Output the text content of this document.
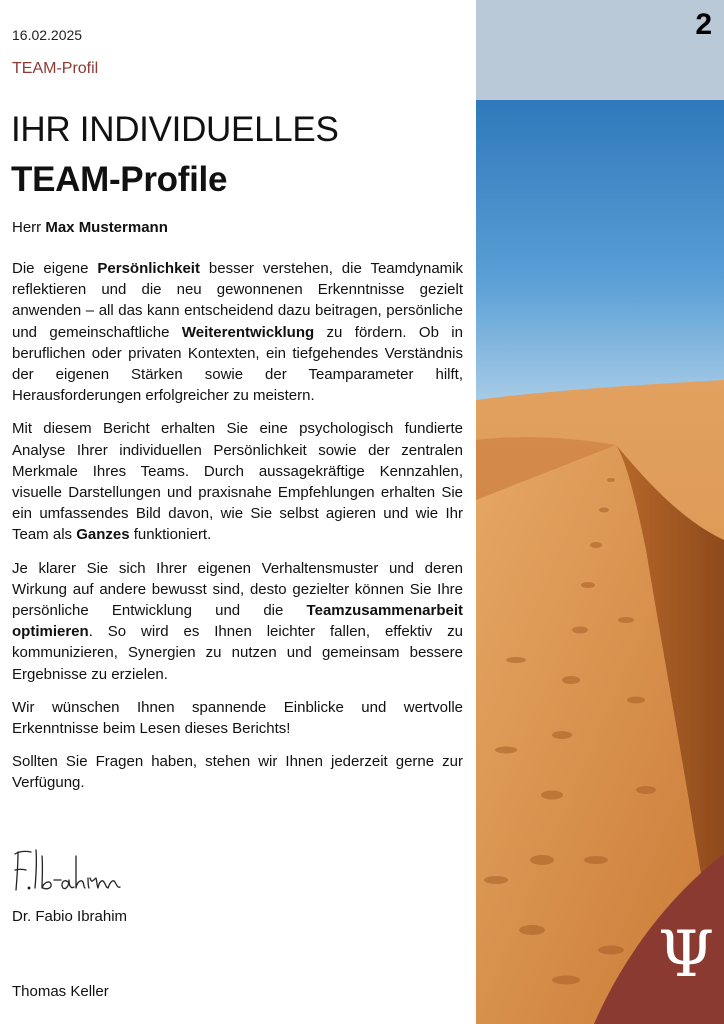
16.02.2025
TEAM-Profil
IHR INDIVIDUELLES
TEAM-Profile
Herr Max Mustermann

Die eigene Persönlichkeit besser verstehen, die Teamdynamik reflektieren und die neu gewonnenen Erkenntnisse gezielt anwenden – all das kann entscheidend dazu beitragen, persönliche und gemeinschaftliche Weiterentwicklung zu fördern. Ob in beruflichen oder privaten Kontexten, ein tiefgehendes Verständnis der eigenen Stärken sowie der Teamparameter hilft, Herausforderungen erfolgreicher zu meistern.

Mit diesem Bericht erhalten Sie eine psychologisch fundierte Analyse Ihrer individuellen Persönlichkeit sowie der zentralen Merkmale Ihres Teams. Durch aussagekräftige Kennzahlen, visuelle Darstellungen und praxisnahe Empfehlungen erhalten Sie ein umfassendes Bild davon, wie Sie selbst agieren und wie Ihr Team als Ganzes funktioniert.

Je klarer Sie sich Ihrer eigenen Verhaltensmuster und deren Wirkung auf andere bewusst sind, desto gezielter können Sie Ihre persönliche Entwicklung und die Teamzusammenarbeit optimieren. So wird es Ihnen leichter fallen, effektiv zu kommunizieren, Synergien zu nutzen und gemeinsam bessere Ergebnisse zu erzielen.

Wir wünschen Ihnen spannende Einblicke und wertvolle Erkenntnisse beim Lesen dieses Berichts!

Sollten Sie Fragen haben, stehen wir Ihnen jederzeit gerne zur Verfügung.

Dr. Fabio Ibrahim
Thomas Keller
2
Ψ
